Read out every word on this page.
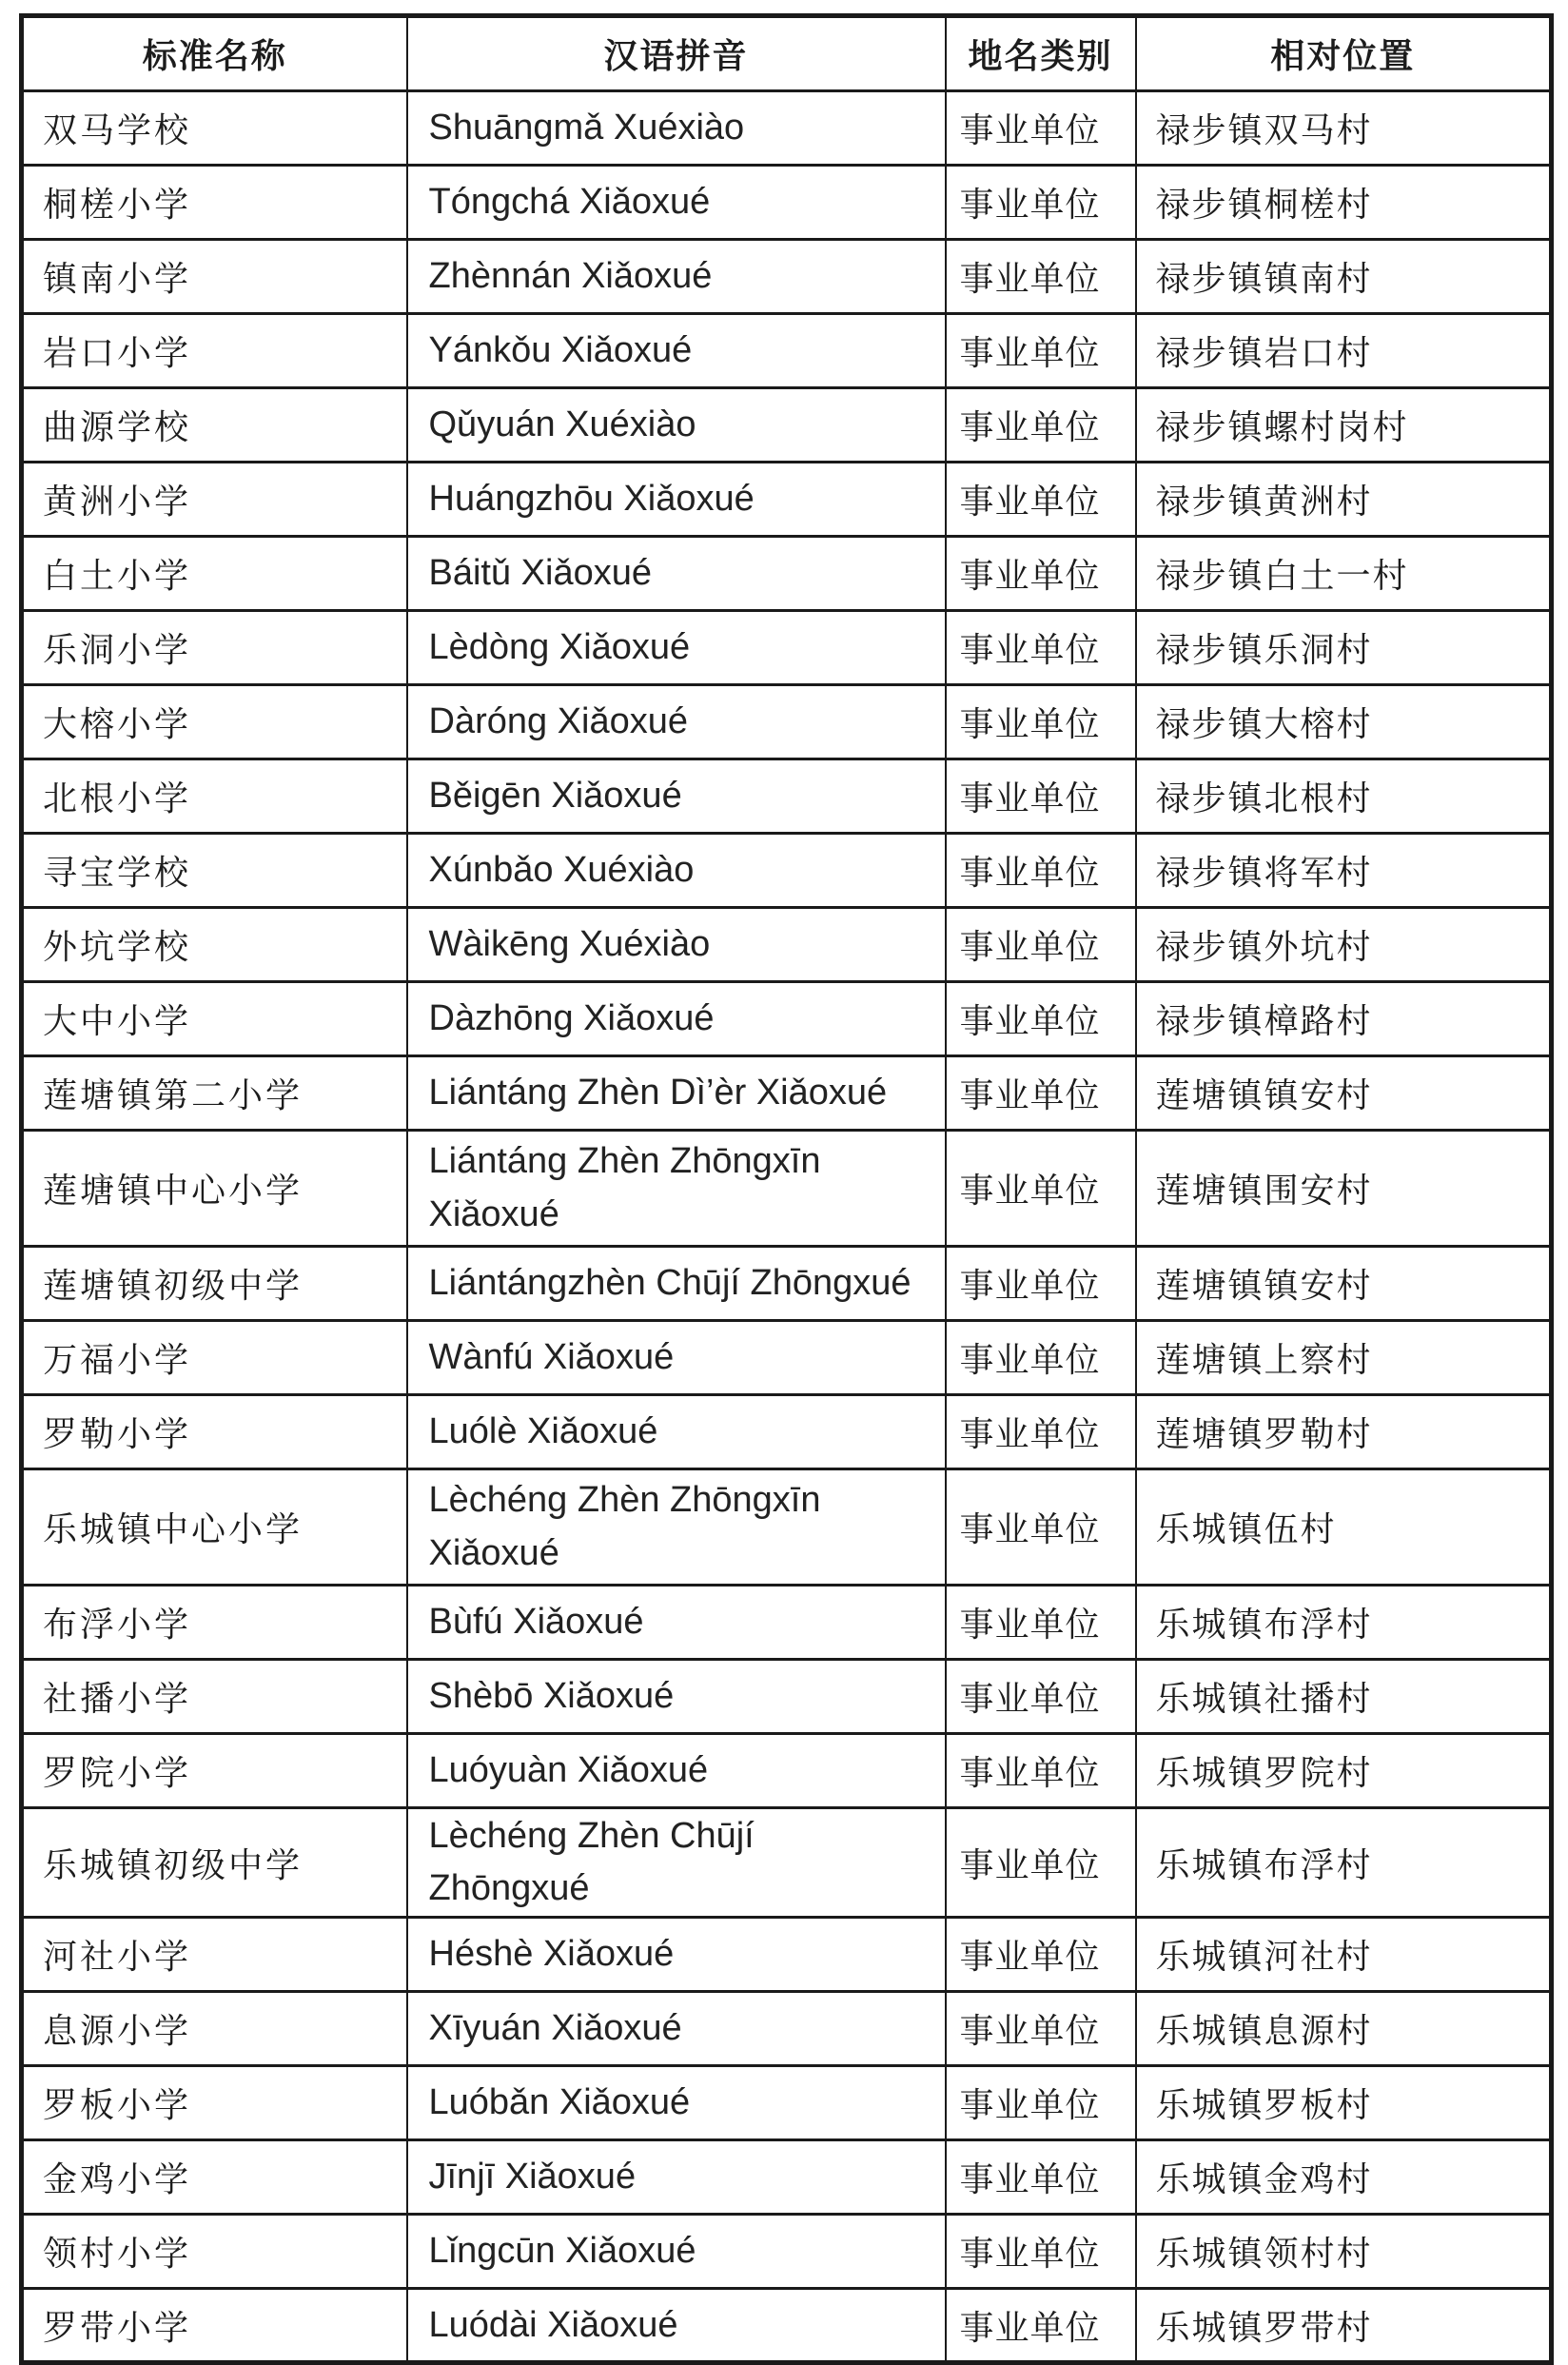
标准名称	汉语拼音	地名类别	相对位置
双马学校	Shuāngmǎ Xuéxiào	事业单位	禄步镇双马村
桐槎小学	Tóngchá Xiǎoxué	事业单位	禄步镇桐槎村
镇南小学	Zhènnán Xiǎoxué	事业单位	禄步镇镇南村
岩口小学	Yánkǒu Xiǎoxué	事业单位	禄步镇岩口村
曲源学校	Qǔyuán Xuéxiào	事业单位	禄步镇螺村岗村
黄洲小学	Huángzhōu Xiǎoxué	事业单位	禄步镇黄洲村
白土小学	Báitǔ Xiǎoxué	事业单位	禄步镇白土一村
乐洞小学	Lèdòng Xiǎoxué	事业单位	禄步镇乐洞村
大榕小学	Dàróng Xiǎoxué	事业单位	禄步镇大榕村
北根小学	Běigēn Xiǎoxué	事业单位	禄步镇北根村
寻宝学校	Xúnbǎo Xuéxiào	事业单位	禄步镇将军村
外坑学校	Wàikēng Xuéxiào	事业单位	禄步镇外坑村
大中小学	Dàzhōng Xiǎoxué	事业单位	禄步镇樟路村
莲塘镇第二小学	Liántáng Zhèn Dì’èr Xiǎoxué	事业单位	莲塘镇镇安村
莲塘镇中心小学	Liántáng Zhèn Zhōngxīn Xiǎoxué	事业单位	莲塘镇围安村
莲塘镇初级中学	Liántángzhèn Chūjí Zhōngxué	事业单位	莲塘镇镇安村
万福小学	Wànfú Xiǎoxué	事业单位	莲塘镇上察村
罗勒小学	Luólè Xiǎoxué	事业单位	莲塘镇罗勒村
乐城镇中心小学	Lèchéng Zhèn Zhōngxīn Xiǎoxué	事业单位	乐城镇伍村
布浮小学	Bùfú Xiǎoxué	事业单位	乐城镇布浮村
社播小学	Shèbō Xiǎoxué	事业单位	乐城镇社播村
罗院小学	Luóyuàn Xiǎoxué	事业单位	乐城镇罗院村
乐城镇初级中学	Lèchéng Zhèn Chūjí Zhōngxué	事业单位	乐城镇布浮村
河社小学	Héshè Xiǎoxué	事业单位	乐城镇河社村
息源小学	Xīyuán Xiǎoxué	事业单位	乐城镇息源村
罗板小学	Luóbǎn Xiǎoxué	事业单位	乐城镇罗板村
金鸡小学	Jīnjī Xiǎoxué	事业单位	乐城镇金鸡村
领村小学	Lǐngcūn Xiǎoxué	事业单位	乐城镇领村村
罗带小学	Luódài Xiǎoxué	事业单位	乐城镇罗带村
